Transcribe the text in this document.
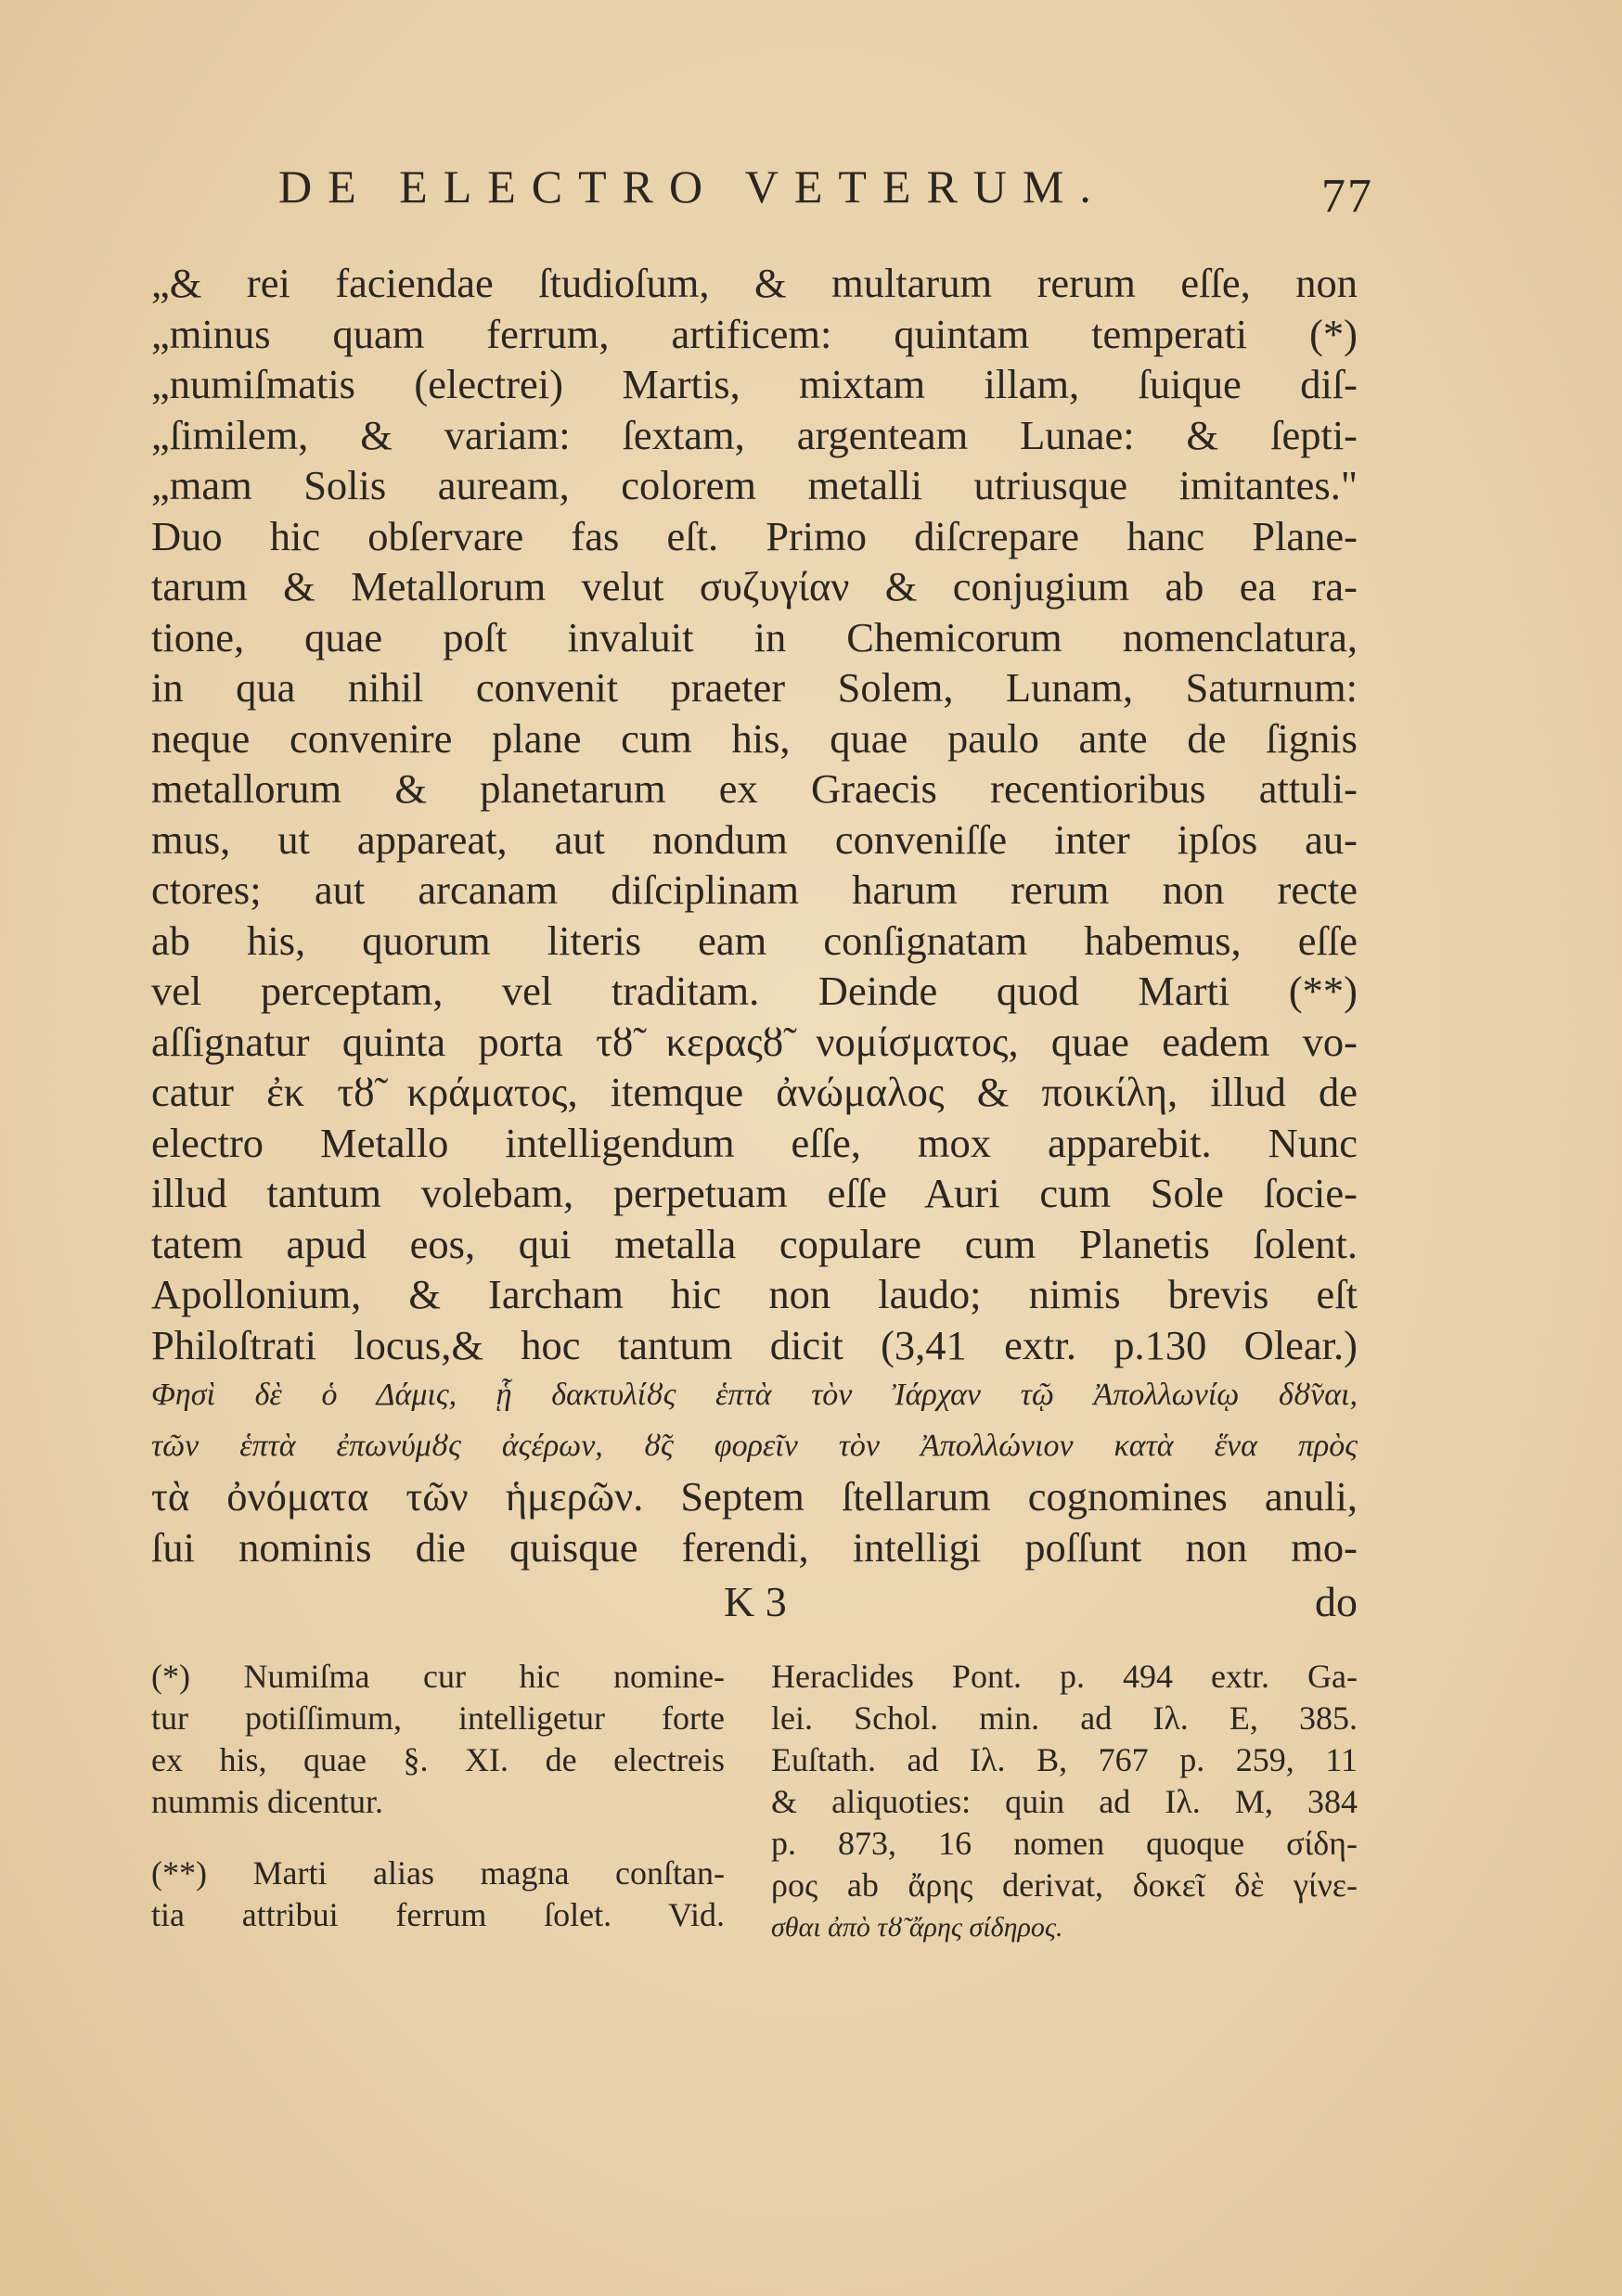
DE ELECTRO VETERUM.	77
„& rei faciendae ſtudioſum, & multarum rerum eſſe, non
„minus quam ferrum, artificem: quintam temperati (*)
„numiſmatis (electrei) Martis, mixtam illam, ſuique diſ-
„ſimilem, & variam: ſextam, argenteam Lunae: & ſepti-
„mam Solis auream, colorem metalli utriusque imitantes."
Duo hic obſervare fas eſt. Primo diſcrepare hanc Plane-
tarum & Metallorum velut συζυγίαν & conjugium ab ea ra-
tione, quae poſt invaluit in Chemicorum nomenclatura,
in qua nihil convenit praeter Solem, Lunam, Saturnum:
neque convenire plane cum his, quae paulo ante de ſignis
metallorum & planetarum ex Graecis recentioribus attuli-
mus, ut appareat, aut nondum conveniſſe inter ipſos au-
ctores; aut arcanam diſciplinam harum rerum non recte
ab his, quorum literis eam conſignatam habemus, eſſe
vel perceptam, vel traditam. Deinde quod Marti (**)
aſſignatur quinta porta τȣ̃ κεραςȣ̃ νομίσματος, quae eadem vo-
catur ἐκ τȣ̃ κράματος, itemque ἀνώμαλος & ποικίλη, illud de
electro Metallo intelligendum eſſe, mox apparebit. Nunc
illud tantum volebam, perpetuam eſſe Auri cum Sole ſocie-
tatem apud eos, qui metalla copulare cum Planetis ſolent.
Apollonium, & Iarcham hic non laudo; nimis brevis eſt
Philoſtrati locus,& hoc tantum dicit (3,41 extr. p.130 Olear.)
Φησὶ δὲ ὁ Δάμις, ᾗ δακτυλίȣς ἑπτὰ τὸν Ἰάρχαν τῷ Ἀπολλωνίῳ δȣ̃ναι,
τῶν ἑπτὰ ἐπωνύμȣς ἀςέρων, ȣ̃ς φορεῖν τὸν Ἀπολλώνιον κατὰ ἕνα πρὸς
τὰ ὀνόματα τῶν ἡμερῶν. Septem ſtellarum cognomines anuli,
ſui nominis die quisque ferendi, intelligi poſſunt non mo-
K 3	do
(*) Numiſma cur hic nomine-
tur potiſſimum, intelligetur forte
ex his, quae §. XI. de electreis
nummis dicentur.
(**) Marti alias magna conſtan-
tia attribui ferrum ſolet. Vid.
Heraclides Pont. p. 494 extr. Ga-
lei. Schol. min. ad Ιλ. E, 385.
Euſtath. ad Ιλ. B, 767 p. 259, 11
& aliquoties: quin ad Ιλ. M, 384
p. 873, 16 nomen quoque σίδη-
ρος ab ἄρης derivat, δοκεῖ δὲ γίνε-
σθαι ἀπὸ τȣ̃ ἄρης σίδηρος.
